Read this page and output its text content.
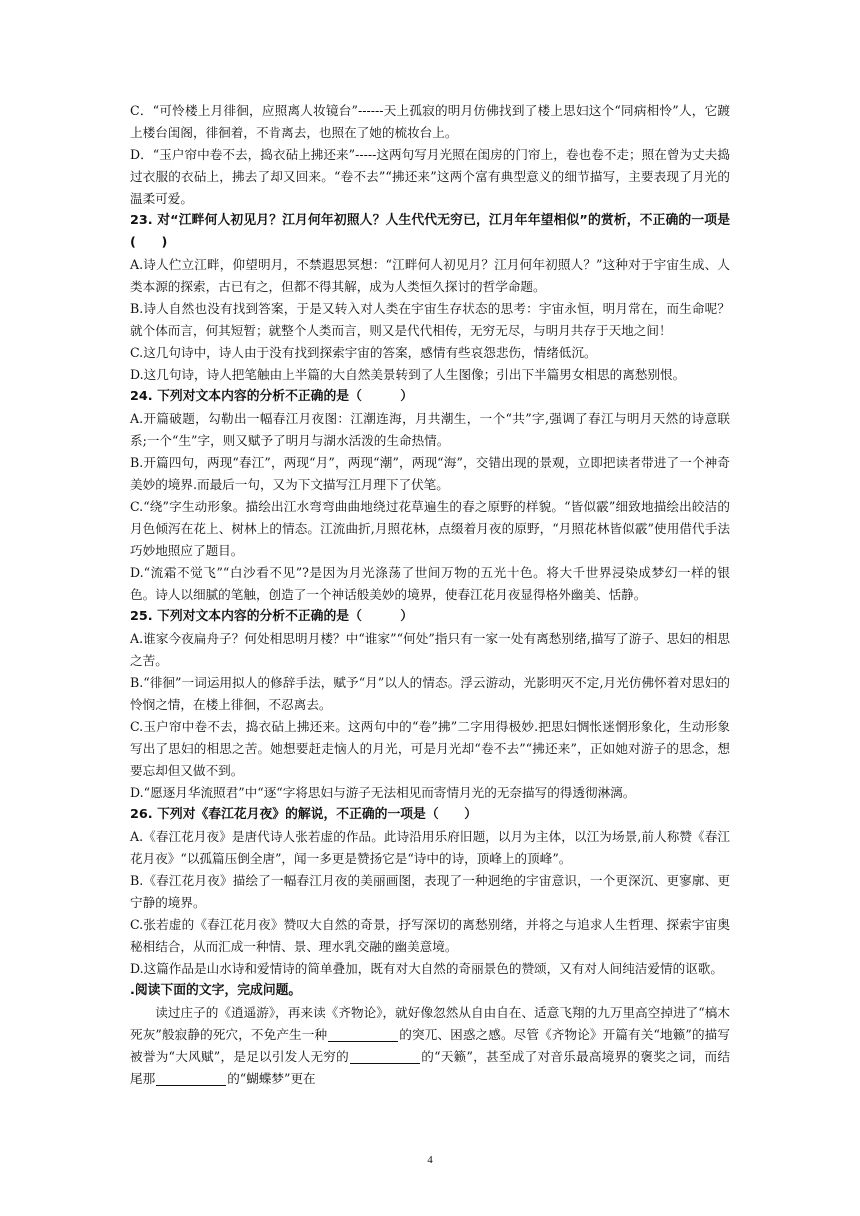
C．“可怜楼上月徘徊，应照离人妆镜台”------天上孤寂的明月仿佛找到了楼上思妇这个“同病相怜”人，它踱上楼台闺阁，徘徊着，不肯离去，也照在了她的梳妆台上。

D．“玉户帘中卷不去，捣衣砧上拂还来”-----这两句写月光照在闺房的门帘上，卷也卷不走；照在曾为丈夫捣过衣服的衣砧上，拂去了却又回来。“卷不去”“拂还来”这两个富有典型意义的细节描写，主要表现了月光的温柔可爱。

23. 对“江畔何人初见月？江月何年初照人？人生代代无穷已，江月年年望相似”的赏析，不正确的一项是(　　)

A.诗人伫立江畔，仰望明月，不禁遐思冥想：“江畔何人初见月？江月何年初照人？”这种对于宇宙生成、人类本源的探索，古已有之，但都不得其解，成为人类恒久探讨的哲学命题。

B.诗人自然也没有找到答案，于是又转入对人类在宇宙生存状态的思考：宇宙永恒，明月常在，而生命呢？就个体而言，何其短暂；就整个人类而言，则又是代代相传，无穷无尽，与明月共存于天地之间！

C.这几句诗中，诗人由于没有找到探索宇宙的答案，感情有些哀怨悲伤，情绪低沉。

D.这几句诗，诗人把笔触由上半篇的大自然美景转到了人生图像；引出下半篇男女相思的离愁别恨。

24. 下列对文本内容的分析不正确的是（　　　）

A.开篇破题，勾勒出一幅春江月夜图：江潮连海，月共潮生，一个“共”字,强调了春江与明月天然的诗意联系;一个“生”字，则又赋予了明月与湖水活泼的生命热情。

B.开篇四句，两现“春江”，两现“月”，两现“潮”，两现“海”，交错出现的景观，立即把读者带进了一个神奇美妙的境界.而最后一句，又为下文描写江月理下了伏笔。

C.“绕”字生动形象。描绘出江水弯弯曲曲地绕过花草遍生的春之原野的样貌。“皆似霰”细致地描绘出皎洁的月色倾泻在花上、树林上的情态。江流曲折,月照花林，点缀着月夜的原野，“月照花林皆似霰”使用借代手法巧妙地照应了题目。

D.“流霜不觉飞”“白沙看不见”?是因为月光涤荡了世间万物的五光十色。将大千世界浸染成梦幻一样的银色。诗人以细腻的笔触，创造了一个神话般美妙的境界，使春江花月夜显得格外幽美、恬静。

25. 下列对文本内容的分析不正确的是（　　　）

A.谁家今夜扁舟子？何处相思明月楼？中“谁家”“何处”指只有一家一处有离愁别绪,描写了游子、思妇的相思之苦。

B.“徘徊”一词运用拟人的修辞手法，赋予“月”以人的情态。浮云游动，光影明灭不定,月光仿佛怀着对思妇的怜悯之情，在楼上徘徊，不忍离去。

C.玉户帘中卷不去，捣衣砧上拂还来。这两句中的“卷”拂”二字用得极妙.把思妇惆怅迷惘形象化，生动形象写出了思妇的相思之苦。她想要赶走恼人的月光，可是月光却“卷不去”“拂还来”，正如她对游子的思念，想要忘却但又做不到。

D.“愿逐月华流照君”中“逐“字将思妇与游子无法相见而寄情月光的无奈描写的得透彻淋漓。

26. 下列对《春江花月夜》的解说，不正确的一项是（　　）

A.《春江花月夜》是唐代诗人张若虚的作品。此诗沿用乐府旧题，以月为主体，以江为场景,前人称赞《春江花月夜》“以孤篇压倒全唐”，闻一多更是赞扬它是“诗中的诗，顶峰上的顶峰”。

B.《春江花月夜》描绘了一幅春江月夜的美丽画图，表现了一种迥绝的宇宙意识，一个更深沉、更寥廓、更宁静的境界。

C.张若虚的《春江花月夜》赞叹大自然的奇景，抒写深切的离愁别绪，并将之与追求人生哲理、探索宇宙奥秘相结合，从而汇成一种情、景、理水乳交融的幽美意境。

D.这篇作品是山水诗和爱情诗的简单叠加，既有对大自然的奇丽景色的赞颂，又有对人间纯洁爱情的讴歌。

.阅读下面的文字，完成问题。

读过庄子的《逍遥游》，再来读《齐物论》，就好像忽然从自由自在、适意飞翔的九万里高空掉进了“槁木死灰”般寂静的死穴，不免产生一种	的突兀、困惑之感。尽管《齐物论》开篇有关“地籁”的描写被誉为“大风赋”，是足以引发人无穷的	的“天籁”，甚至成了对音乐最高境界的褒奖之词，而结尾那	的“蝴蝶梦”更在

4
